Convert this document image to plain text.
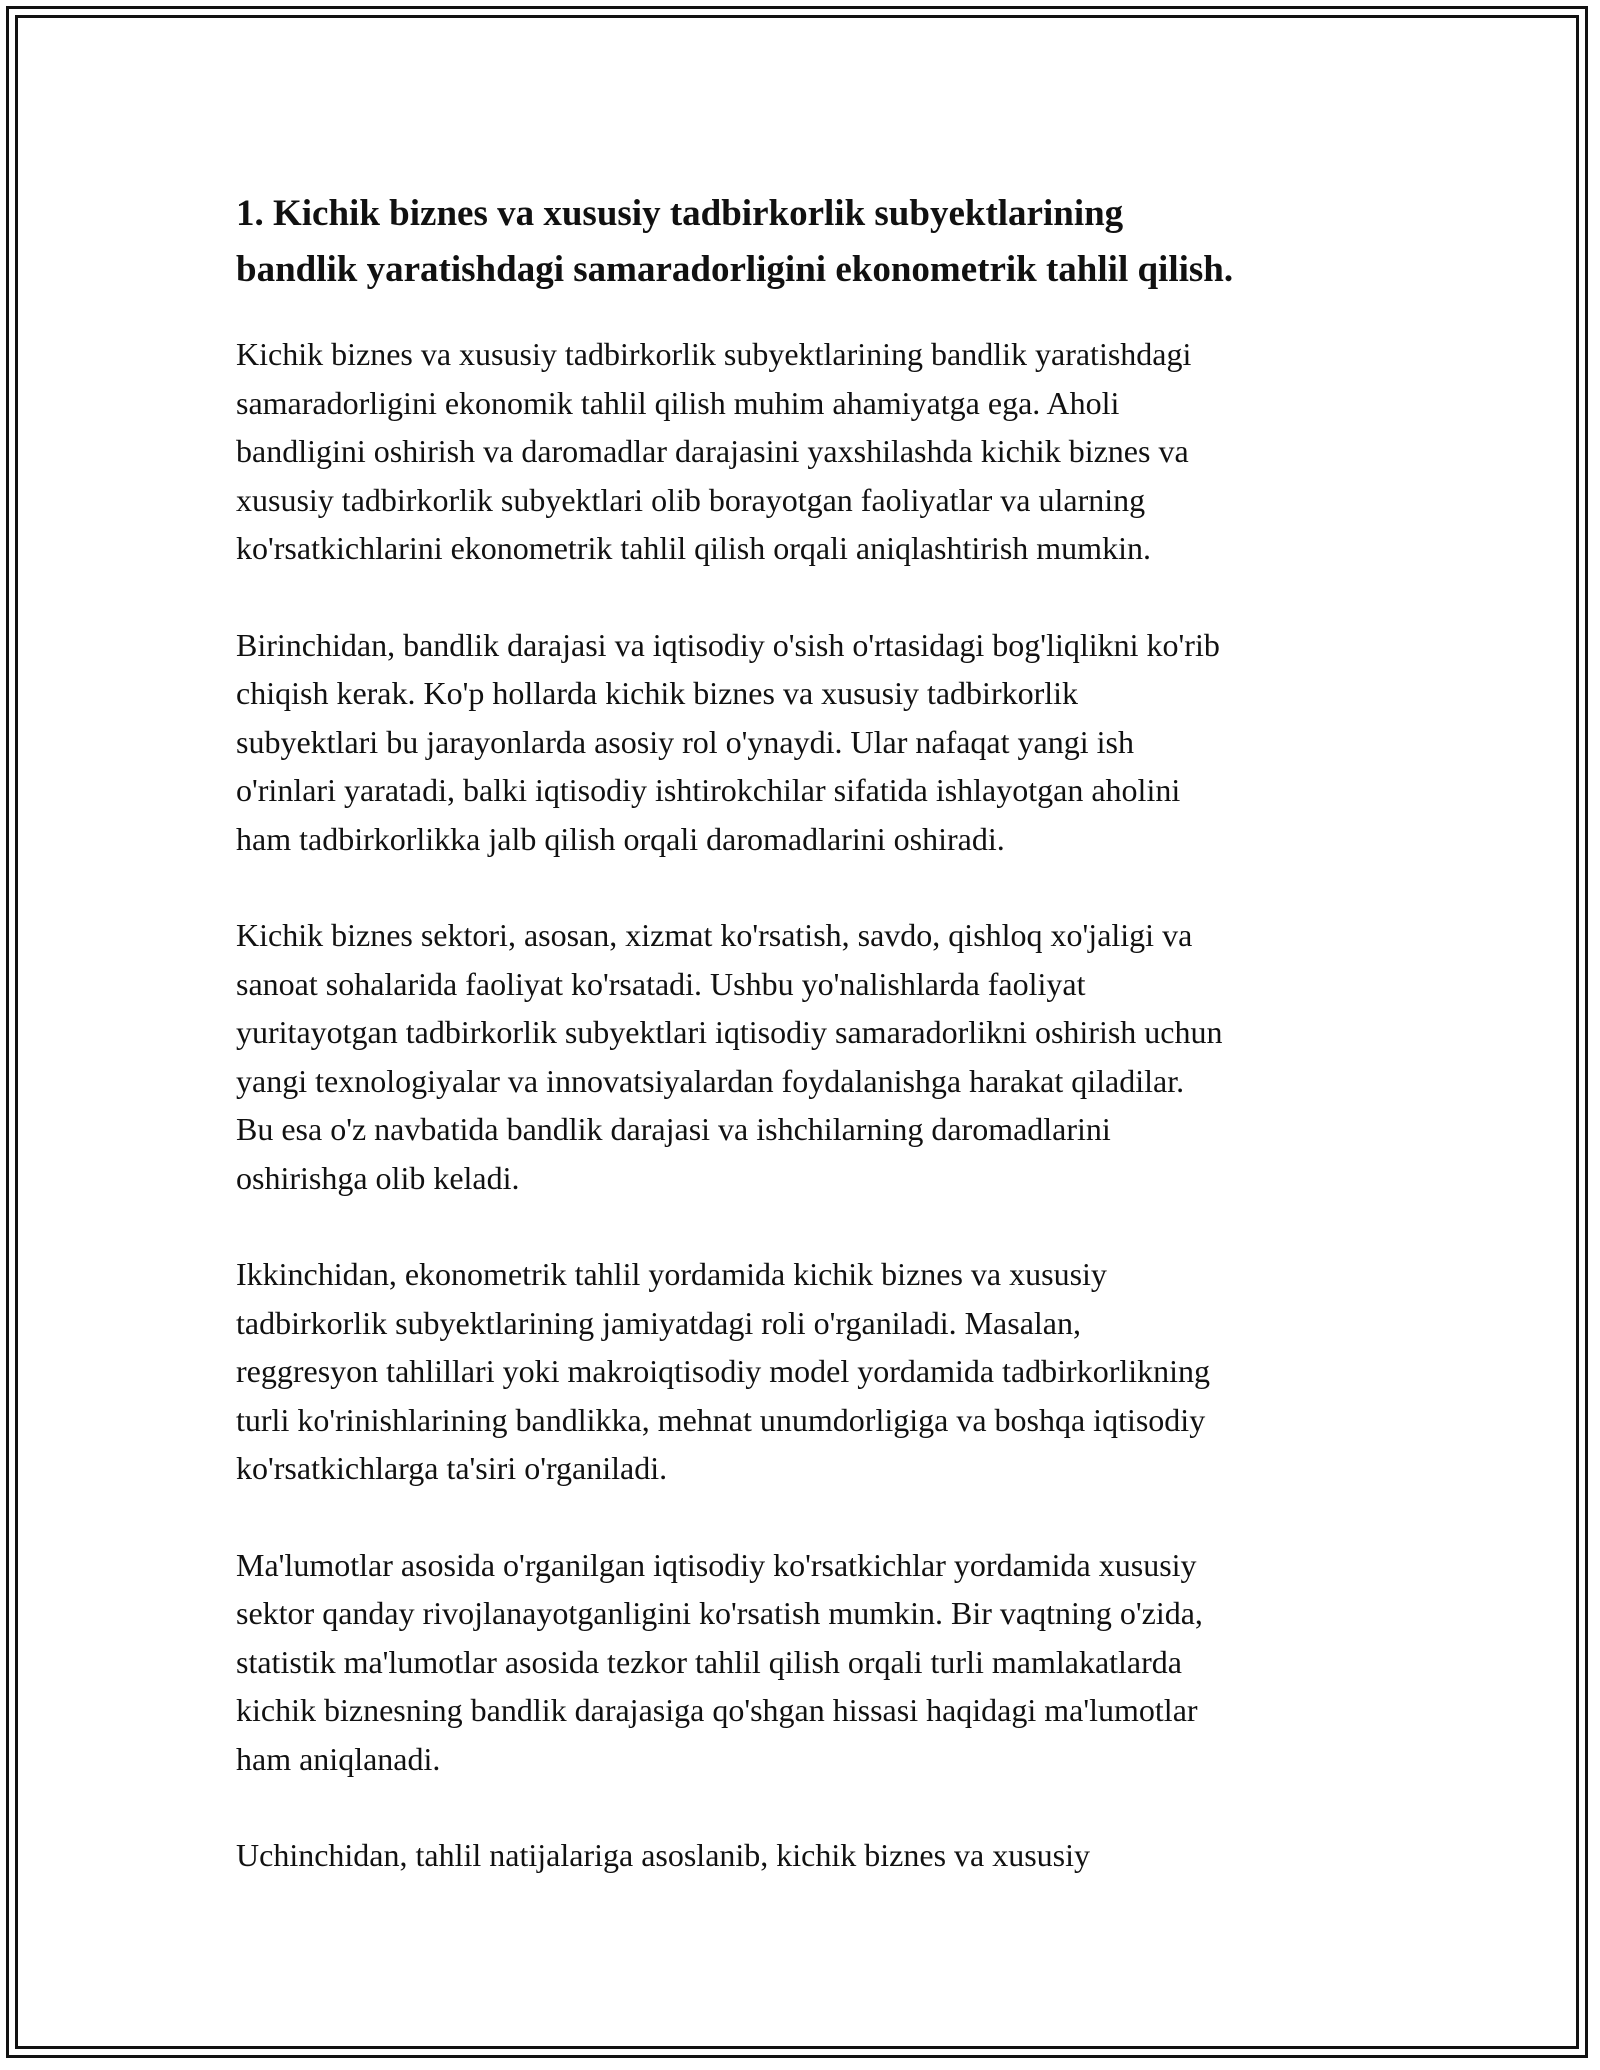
1. Kichik biznes va xususiy tadbirkorlik subyektlarining
bandlik yaratishdagi samaradorligini ekonometrik tahlil qilish.

Kichik biznes va xususiy tadbirkorlik subyektlarining bandlik yaratishdagi
samaradorligini ekonomik tahlil qilish muhim ahamiyatga ega. Aholi
bandligini oshirish va daromadlar darajasini yaxshilashda kichik biznes va
xususiy tadbirkorlik subyektlari olib borayotgan faoliyatlar va ularning
ko'rsatkichlarini ekonometrik tahlil qilish orqali aniqlashtirish mumkin.

Birinchidan, bandlik darajasi va iqtisodiy o'sish o'rtasidagi bog'liqlikni ko'rib
chiqish kerak. Ko'p hollarda kichik biznes va xususiy tadbirkorlik
subyektlari bu jarayonlarda asosiy rol o'ynaydi. Ular nafaqat yangi ish
o'rinlari yaratadi, balki iqtisodiy ishtirokchilar sifatida ishlayotgan aholini
ham tadbirkorlikka jalb qilish orqali daromadlarini oshiradi.

Kichik biznes sektori, asosan, xizmat ko'rsatish, savdo, qishloq xo'jaligi va
sanoat sohalarida faoliyat ko'rsatadi. Ushbu yo'nalishlarda faoliyat
yuritayotgan tadbirkorlik subyektlari iqtisodiy samaradorlikni oshirish uchun
yangi texnologiyalar va innovatsiyalardan foydalanishga harakat qiladilar.
Bu esa o'z navbatida bandlik darajasi va ishchilarning daromadlarini
oshirishga olib keladi.

Ikkinchidan, ekonometrik tahlil yordamida kichik biznes va xususiy
tadbirkorlik subyektlarining jamiyatdagi roli o'rganiladi. Masalan,
reggresyon tahlillari yoki makroiqtisodiy model yordamida tadbirkorlikning
turli ko'rinishlarining bandlikka, mehnat unumdorligiga va boshqa iqtisodiy
ko'rsatkichlarga ta'siri o'rganiladi.

Ma'lumotlar asosida o'rganilgan iqtisodiy ko'rsatkichlar yordamida xususiy
sektor qanday rivojlanayotganligini ko'rsatish mumkin. Bir vaqtning o'zida,
statistik ma'lumotlar asosida tezkor tahlil qilish orqali turli mamlakatlarda
kichik biznesning bandlik darajasiga qo'shgan hissasi haqidagi ma'lumotlar
ham aniqlanadi.

Uchinchidan, tahlil natijalariga asoslanib, kichik biznes va xususiy
